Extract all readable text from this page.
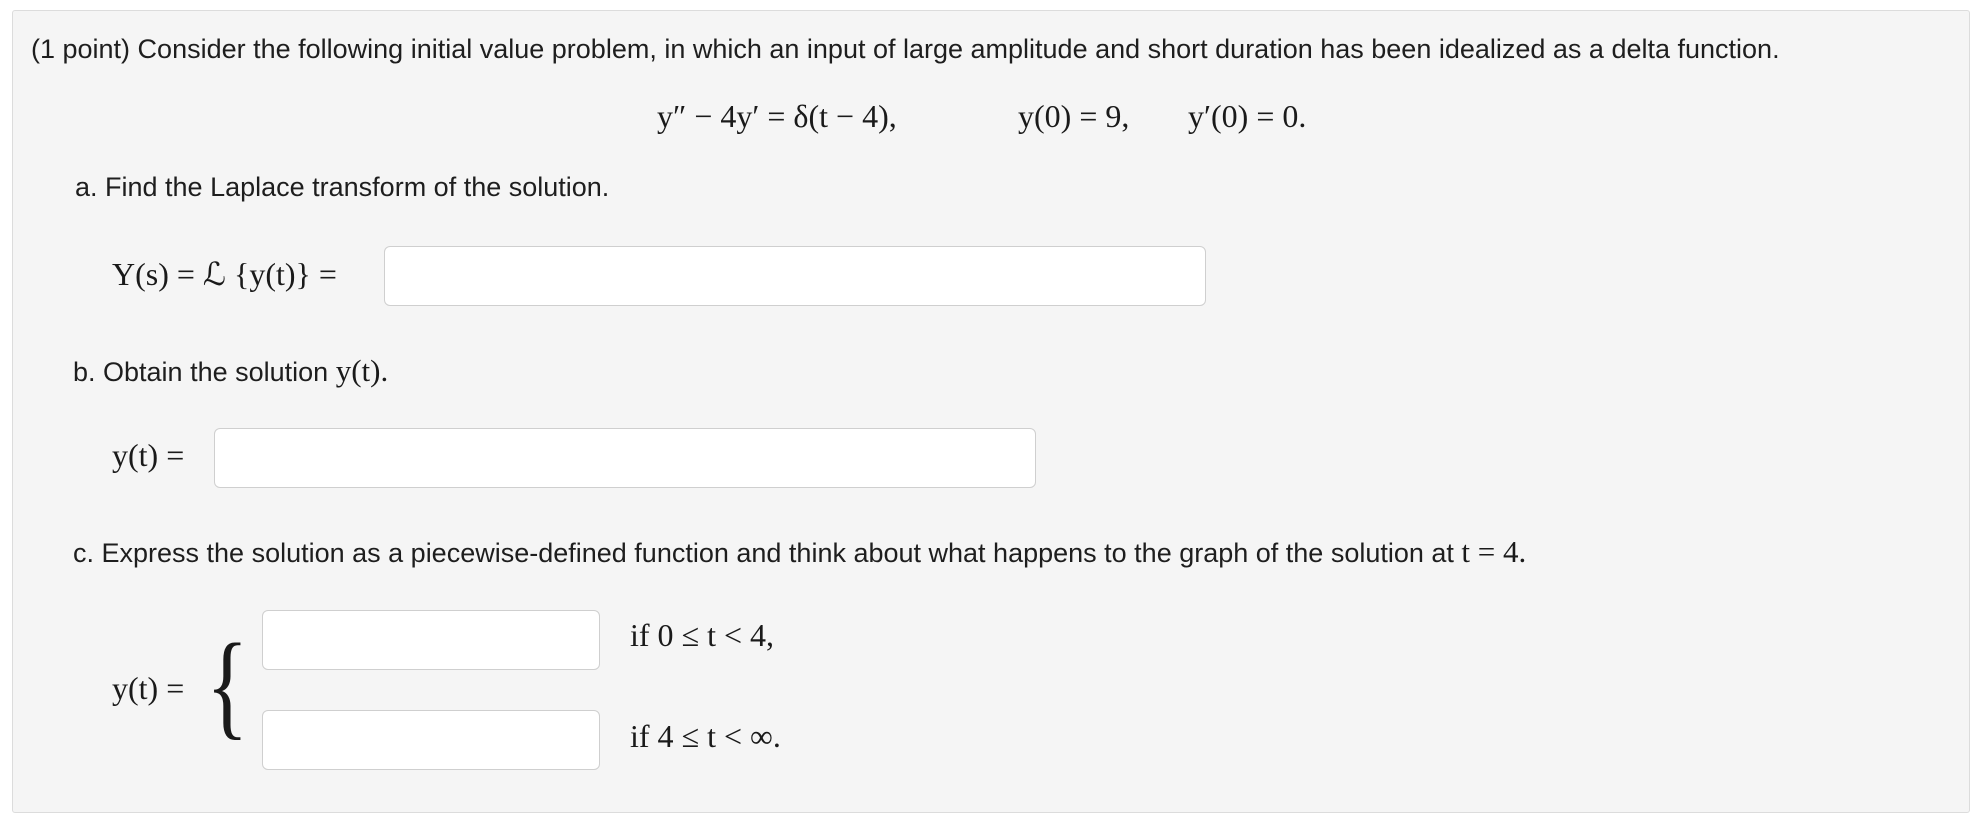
(1 point) Consider the following initial value problem, in which an input of large amplitude and short duration has been idealized as a delta function.
y″ − 4y′ = δ(t − 4),	y(0) = 9, y′(0) = 0.
a. Find the Laplace transform of the solution.
Y(s) = ℒ {y(t)} =
b. Obtain the solution y(t).
y(t) =
c. Express the solution as a piecewise-defined function and think about what happens to the graph of the solution at t = 4.
y(t) = {	if 0 ≤ t < 4,
if 4 ≤ t < ∞.
